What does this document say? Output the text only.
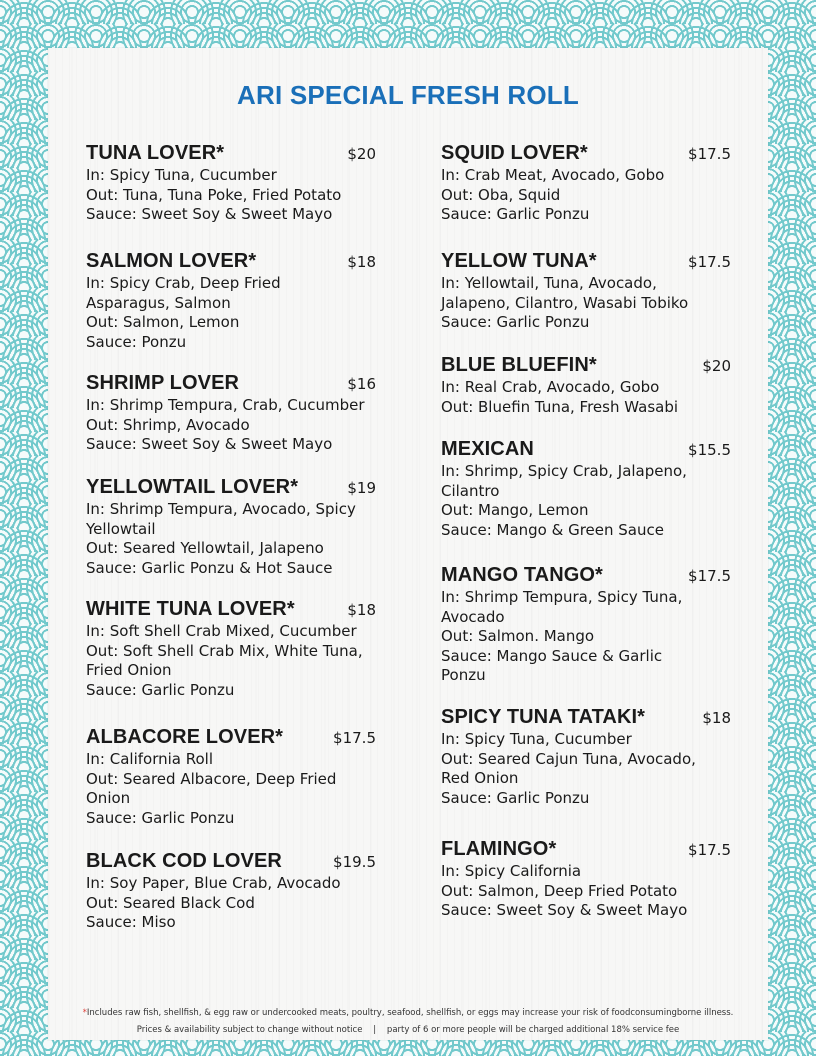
ARI SPECIAL FRESH ROLL
TUNA LOVER*	$20
In: Spicy Tuna, Cucumber
Out: Tuna, Tuna Poke, Fried Potato
Sauce: Sweet Soy & Sweet Mayo
SALMON LOVER*	$18
In: Spicy Crab, Deep Fried
Asparagus, Salmon
Out: Salmon, Lemon
Sauce: Ponzu
SHRIMP LOVER	$16
In: Shrimp Tempura, Crab, Cucumber
Out: Shrimp, Avocado
Sauce: Sweet Soy & Sweet Mayo
YELLOWTAIL LOVER*	$19
In: Shrimp Tempura, Avocado, Spicy
Yellowtail
Out: Seared Yellowtail, Jalapeno
Sauce: Garlic Ponzu & Hot Sauce
WHITE TUNA LOVER*	$18
In: Soft Shell Crab Mixed, Cucumber
Out: Soft Shell Crab Mix, White Tuna,
Fried Onion
Sauce: Garlic Ponzu
ALBACORE LOVER*	$17.5
In: California Roll
Out: Seared Albacore, Deep Fried
Onion
Sauce: Garlic Ponzu
BLACK COD LOVER	$19.5
In: Soy Paper, Blue Crab, Avocado
Out: Seared Black Cod
Sauce: Miso
SQUID LOVER*	$17.5
In: Crab Meat, Avocado, Gobo
Out: Oba, Squid
Sauce: Garlic Ponzu
YELLOW TUNA*	$17.5
In: Yellowtail, Tuna, Avocado,
Jalapeno, Cilantro, Wasabi Tobiko
Sauce: Garlic Ponzu
BLUE BLUEFIN*	$20
In: Real Crab, Avocado, Gobo
Out: Bluefin Tuna, Fresh Wasabi
MEXICAN	$15.5
In: Shrimp, Spicy Crab, Jalapeno,
Cilantro
Out: Mango, Lemon
Sauce: Mango & Green Sauce
MANGO TANGO*	$17.5
In: Shrimp Tempura, Spicy Tuna,
Avocado
Out: Salmon. Mango
Sauce: Mango Sauce & Garlic
Ponzu
SPICY TUNA TATAKI*	$18
In: Spicy Tuna, Cucumber
Out: Seared Cajun Tuna, Avocado,
Red Onion
Sauce: Garlic Ponzu
FLAMINGO*	$17.5
In: Spicy California
Out: Salmon, Deep Fried Potato
Sauce: Sweet Soy & Sweet Mayo
*Includes raw fish, shellfish, & egg raw or undercooked meats, poultry, seafood, shellfish, or eggs may increase your risk of foodconsumingborne illness.
Prices & availability subject to change without notice    |    party of 6 or more people will be charged additional 18% service fee
